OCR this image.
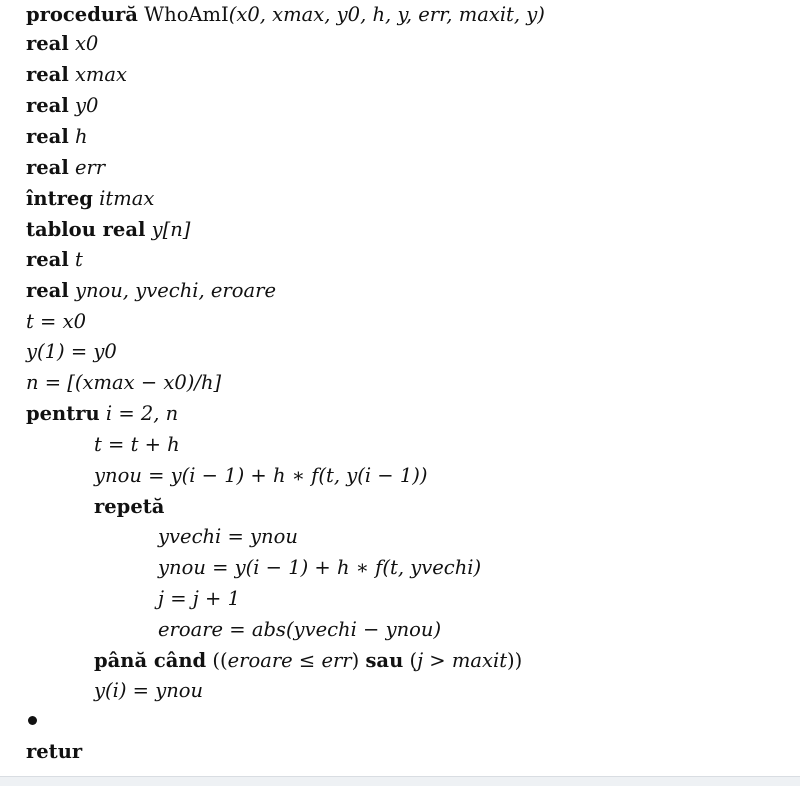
procedură WhoAmI(x0, xmax, y0, h, y, err, maxit, y)
real x0
real xmax
real y0
real h
real err
întreg itmax
tablou real y[n]
real t
real ynou, yvechi, eroare
t = x0
y(1) = y0
n = [(xmax − x0)/h]
pentru i = 2, n
t = t + h
ynou = y(i − 1) + h ∗ f(t, y(i − 1))
repetă
yvechi = ynou
ynou = y(i − 1) + h ∗ f(t, yvechi)
j = j + 1
eroare = abs(yvechi − ynou)
până când ((eroare ≤ err) sau (j > maxit))
y(i) = ynou
retur
